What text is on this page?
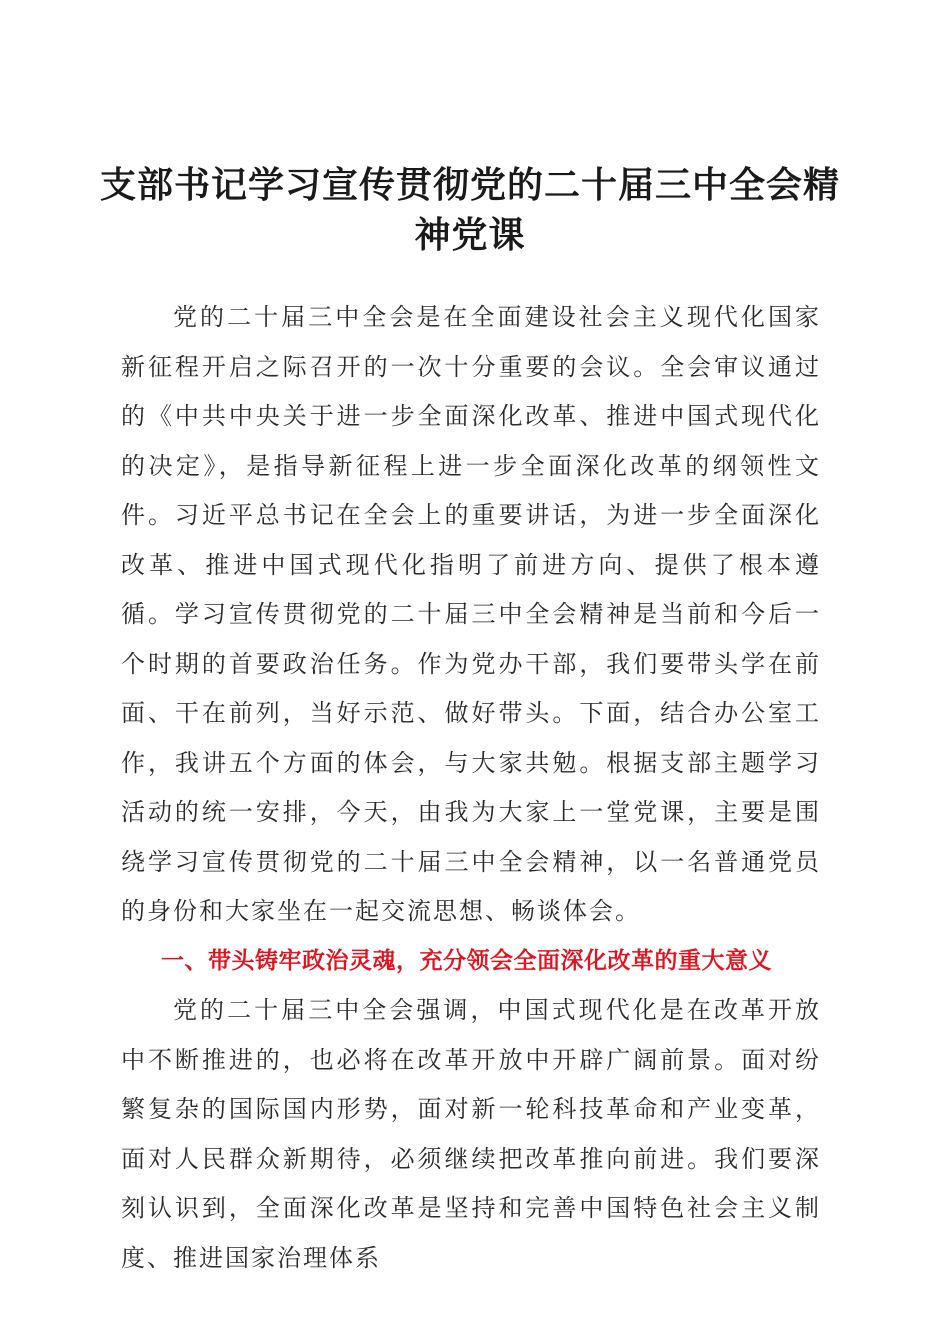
支部书记学习宣传贯彻党的二十届三中全会精神党课

党的二十届三中全会是在全面建设社会主义现代化国家新征程开启之际召开的一次十分重要的会议。全会审议通过的《中共中央关于进一步全面深化改革、推进中国式现代化的决定》，是指导新征程上进一步全面深化改革的纲领性文件。习近平总书记在全会上的重要讲话，为进一步全面深化改革、推进中国式现代化指明了前进方向、提供了根本遵循。学习宣传贯彻党的二十届三中全会精神是当前和今后一个时期的首要政治任务。作为党办干部，我们要带头学在前面、干在前列，当好示范、做好带头。下面，结合办公室工作，我讲五个方面的体会，与大家共勉。根据支部主题学习活动的统一安排，今天，由我为大家上一堂党课，主要是围绕学习宣传贯彻党的二十届三中全会精神，以一名普通党员的身份和大家坐在一起交流思想、畅谈体会。

一、带头铸牢政治灵魂，充分领会全面深化改革的重大意义

党的二十届三中全会强调，中国式现代化是在改革开放中不断推进的，也必将在改革开放中开辟广阔前景。面对纷繁复杂的国际国内形势，面对新一轮科技革命和产业变革，面对人民群众新期待，必须继续把改革推向前进。我们要深刻认识到，全面深化改革是坚持和完善中国特色社会主义制度、推进国家治理体系
